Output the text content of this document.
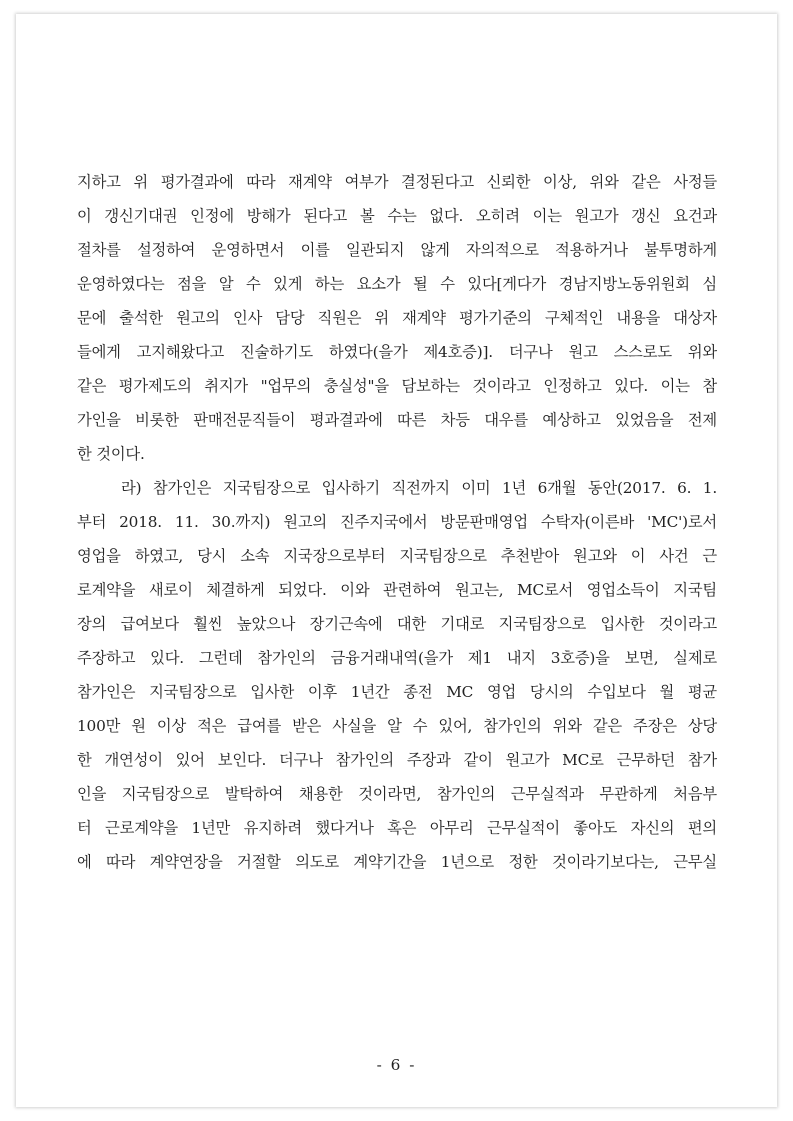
지하고 위 평가결과에 따라 재계약 여부가 결정된다고 신뢰한 이상, 위와 같은 사정들
이 갱신기대권 인정에 방해가 된다고 볼 수는 없다. 오히려 이는 원고가 갱신 요건과
절차를 설정하여 운영하면서 이를 일관되지 않게 자의적으로 적용하거나 불투명하게
운영하였다는 점을 알 수 있게 하는 요소가 될 수 있다[게다가 경남지방노동위원회 심
문에 출석한 원고의 인사 담당 직원은 위 재계약 평가기준의 구체적인 내용을 대상자
들에게 고지해왔다고 진술하기도 하였다(을가 제4호증)]. 더구나 원고 스스로도 위와
같은 평가제도의 취지가 "업무의 충실성"을 담보하는 것이라고 인정하고 있다. 이는 참
가인을 비롯한 판매전문직들이 평과결과에 따른 차등 대우를 예상하고 있었음을 전제
한 것이다.
라) 참가인은 지국팀장으로 입사하기 직전까지 이미 1년 6개월 동안(2017. 6. 1.
부터 2018. 11. 30.까지) 원고의 진주지국에서 방문판매영업 수탁자(이른바 'MC')로서
영업을 하였고, 당시 소속 지국장으로부터 지국팀장으로 추천받아 원고와 이 사건 근
로계약을 새로이 체결하게 되었다. 이와 관련하여 원고는, MC로서 영업소득이 지국팀
장의 급여보다 훨씬 높았으나 장기근속에 대한 기대로 지국팀장으로 입사한 것이라고
주장하고 있다. 그런데 참가인의 금융거래내역(을가 제1 내지 3호증)을 보면, 실제로
참가인은 지국팀장으로 입사한 이후 1년간 종전 MC 영업 당시의 수입보다 월 평균
100만 원 이상 적은 급여를 받은 사실을 알 수 있어, 참가인의 위와 같은 주장은 상당
한 개연성이 있어 보인다. 더구나 참가인의 주장과 같이 원고가 MC로 근무하던 참가
인을 지국팀장으로 발탁하여 채용한 것이라면, 참가인의 근무실적과 무관하게 처음부
터 근로계약을 1년만 유지하려 했다거나 혹은 아무리 근무실적이 좋아도 자신의 편의
에 따라 계약연장을 거절할 의도로 계약기간을 1년으로 정한 것이라기보다는, 근무실
- 6 -
